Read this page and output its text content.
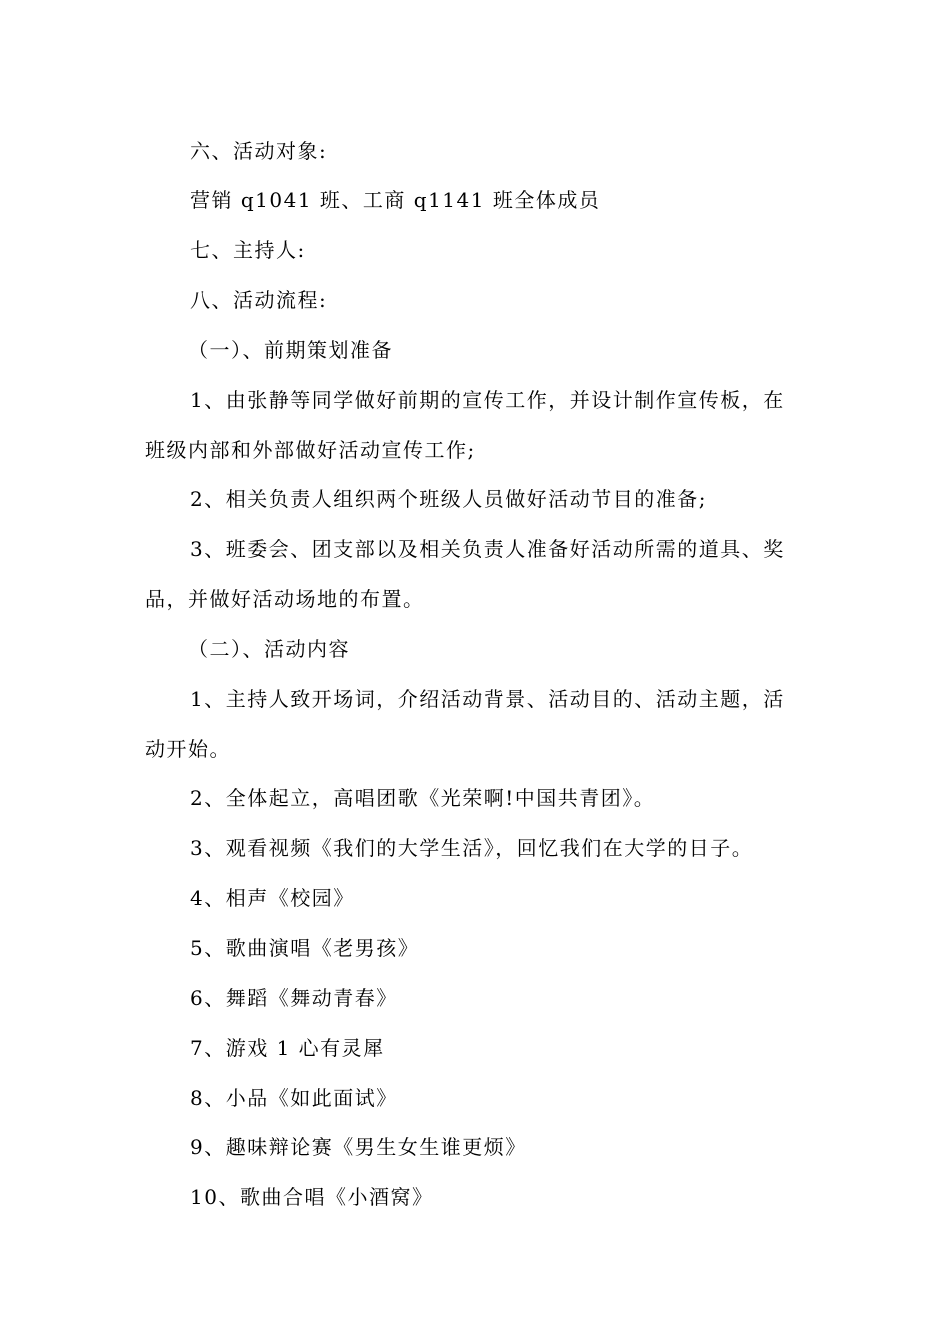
六、活动对象:
营销 q1041 班、工商 q1141 班全体成员
七、主持人:
八、活动流程:
（一）、前期策划准备
1、由张静等同学做好前期的宣传工作，并设计制作宣传板，在
班级内部和外部做好活动宣传工作;
2、相关负责人组织两个班级人员做好活动节目的准备;
3、班委会、团支部以及相关负责人准备好活动所需的道具、奖
品，并做好活动场地的布置。
（二）、活动内容
1、主持人致开场词，介绍活动背景、活动目的、活动主题，活
动开始。
2、全体起立，高唱团歌《光荣啊!中国共青团》。
3、观看视频《我们的大学生活》，回忆我们在大学的日子。
4、相声《校园》
5、歌曲演唱《老男孩》
6、舞蹈《舞动青春》
7、游戏 1 心有灵犀
8、小品《如此面试》
9、趣味辩论赛《男生女生谁更烦》
10、歌曲合唱《小酒窝》
